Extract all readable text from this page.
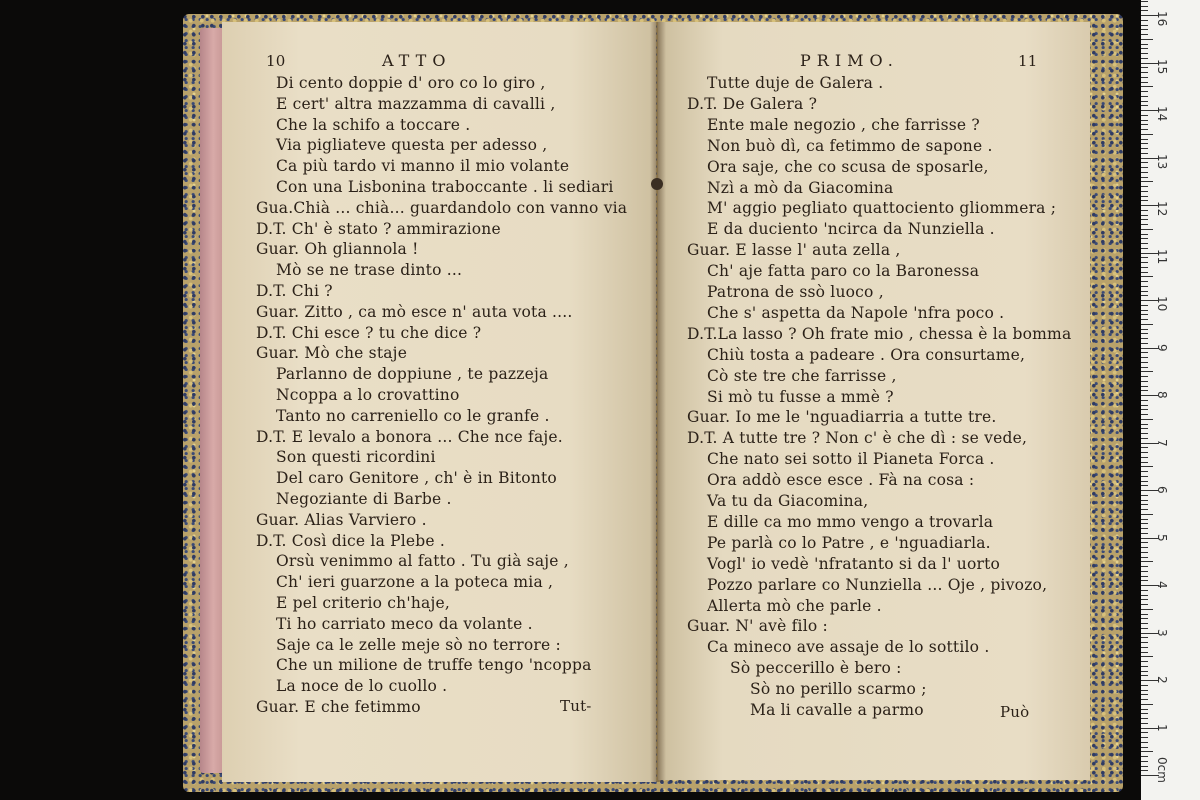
10	ATTO
Di cento doppie d' oro co lo giro ,
E cert' altra mazzamma di cavalli ,
Che la schifo a toccare .
Via pigliateve questa per adesso ,
Ca più tardo vi manno il mio volante
Con una Lisbonina traboccante . li sediari
Gua.Chià ... chià... guardandolo con vanno via
D.T. Ch' è stato ? ammirazione
Guar. Oh gliannola !
Mò se ne trase dinto ...
D.T. Chi ?
Guar. Zitto , ca mò esce n' auta vota ....
D.T. Chi esce ? tu che dice ?
Guar. Mò che staje
Parlanno de doppiune , te pazzeja
Ncoppa a lo crovattino
Tanto no carreniello co le granfe .
D.T. E levalo a bonora ... Che nce faje.
Son questi ricordini
Del caro Genitore , ch' è in Bitonto
Negoziante di Barbe .
Guar. Alias Varviero .
D.T. Così dice la Plebe .
Orsù venimmo al fatto . Tu già saje ,
Ch' ieri guarzone a la poteca mia ,
E pel criterio ch'haje,
Ti ho carriato meco da volante .
Saje ca le zelle meje sò no terrore :
Che un milione de truffe tengo 'ncoppa
La noce de lo cuollo .
Guar. E che fetimmo	Tut-
PRIMO.	11
Tutte duje de Galera .
D.T. De Galera ?
Ente male negozio , che farrisse ?
Non buò dì, ca fetimmo de sapone .
Ora saje, che co scusa de sposarle,
Nzì a mò da Giacomina
M' aggio pegliato quattociento gliommera ;
E da duciento 'ncirca da Nunziella .
Guar. E lasse l' auta zella ,
Ch' aje fatta paro co la Baronessa
Patrona de ssò luoco ,
Che s' aspetta da Napole 'nfra poco .
D.T.La lasso ? Oh frate mio , chessa è la bomma
Chiù tosta a padeare . Ora consurtame,
Cò ste tre che farrisse ,
Si mò tu fusse a mmè ?
Guar. Io me le 'nguadiarria a tutte tre.
D.T. A tutte tre ? Non c' è che dì : se vede,
Che nato sei sotto il Pianeta Forca .
Ora addò esce esce . Fà na cosa :
Va tu da Giacomina,
E dille ca mo mmo vengo a trovarla
Pe parlà co lo Patre , e 'nguadiarla.
Vogl' io vedè 'nfratanto si da l' uorto
Pozzo parlare co Nunziella ... Oje , pivozo,
Allerta mò che parle .
Guar. N' avè filo :
Ca mineco ave assaje de lo sottilo .
Sò peccerillo è bero :
Sò no perillo scarmo ;
Ma li cavalle a parmo	Può
0cm
1
2
3
4
5
6
7
8
9
10
11
12
13
14
15
16
